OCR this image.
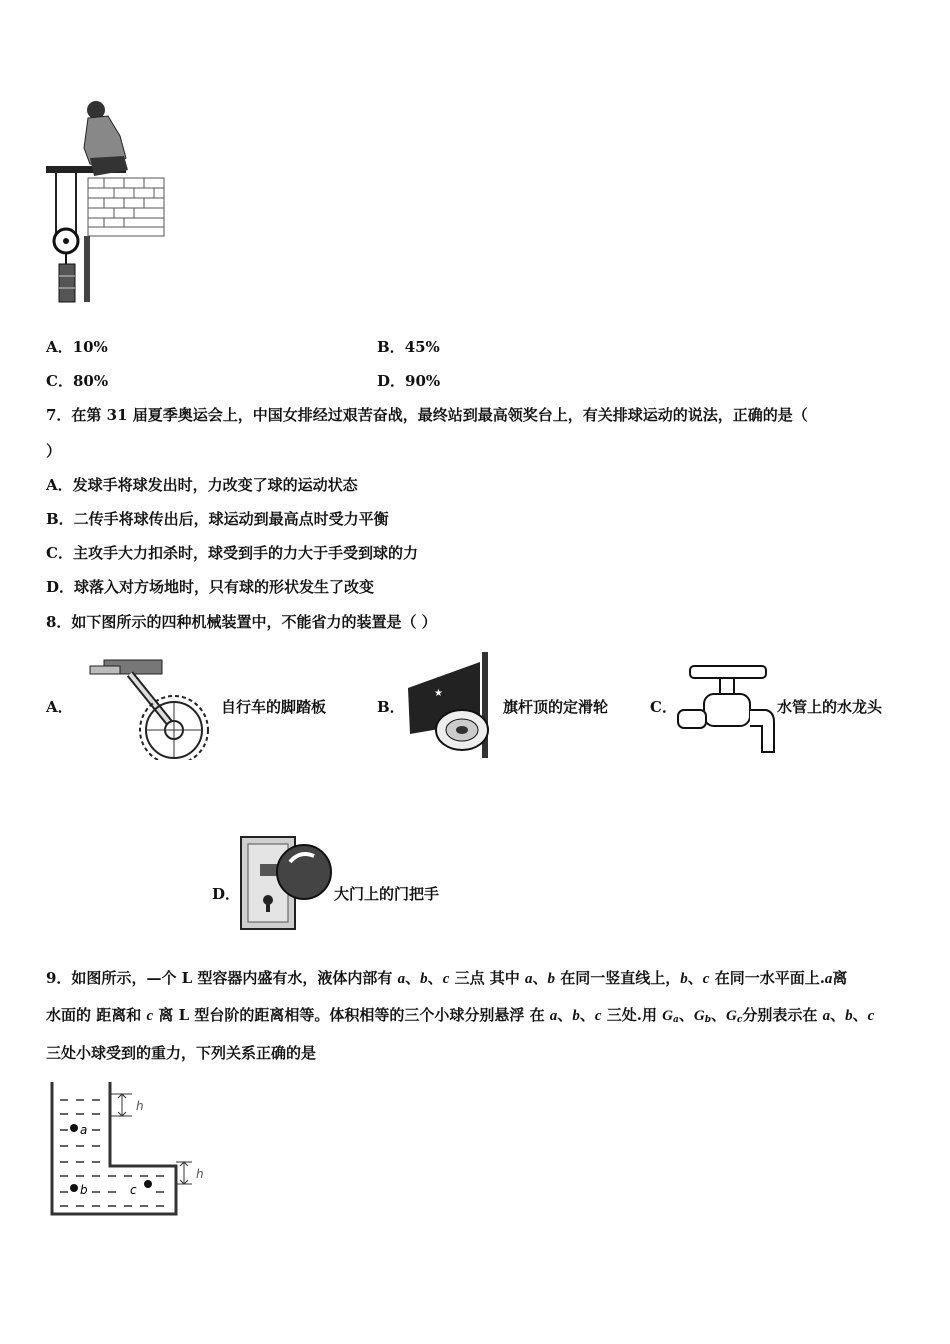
A．10%	B．45%
C．80%	D．90%
7．在第 31 届夏季奥运会上，中国女排经过艰苦奋战，最终站到最高领奖台上，有关排球运动的说法，正确的是（
）
A．发球手将球发出时，力改变了球的运动状态
B．二传手将球传出后，球运动到最高点时受力平衡
C．主攻手大力扣杀时，球受到手的力大于手受到球的力
D．球落入对方场地时，只有球的形状发生了改变
8．如下图所示的四种机械装置中，不能省力的装置是（ ）
A．	自行车的脚踏板	B．
★
旗杆顶的定滑轮	C．	水管上的水龙头
D．	大门上的门把手
9．如图所示，—个 L 型容器内盛有水，液体内部有 a、b、c 三点 其中 a、b 在同一竖直线上，b、c 在同一水平面上.a离
水面的 距离和 c 离 L 型台阶的距离相等。体积相等的三个小球分别悬浮 在 a、b、c 三处.用 $G_a$、$G_b$、$G_c$分别表示在 a、b、c
三处小球受到的重力，下列关系正确的是
a
b	c
h
h
